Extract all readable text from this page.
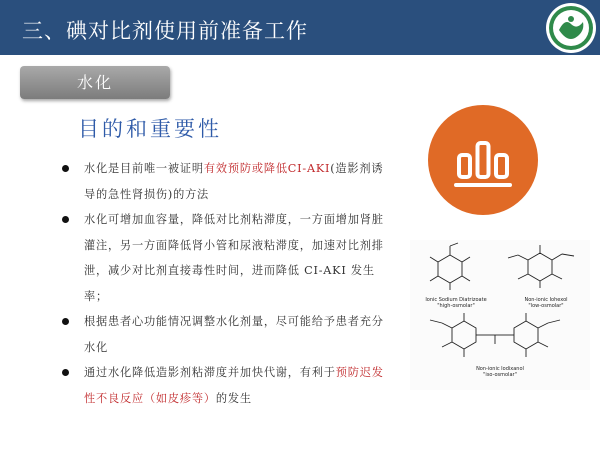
三、碘对比剂使用前准备工作
水化
目的和重要性
水化是目前唯一被证明有效预防或降低CI-AKI(造影剂诱导的急性肾损伤)的方法
水化可增加血容量，降低对比剂粘滞度，一方面增加肾脏灌注，另一方面降低肾小管和尿液粘滞度，加速对比剂排泄，减少对比剂直接毒性时间，进而降低 CI-AKI 发生率；
根据患者心功能情况调整水化剂量，尽可能给予患者充分水化
通过水化降低造影剂粘滞度并加快代谢，有利于预防迟发性不良反应（如皮疹等）的发生
Ionic Sodium Diatrizoate
"high-osmolar"
Non-ionic Iohexol
"low-osmolar"
Non-ionic Iodixanol
"iso-osmolar"
